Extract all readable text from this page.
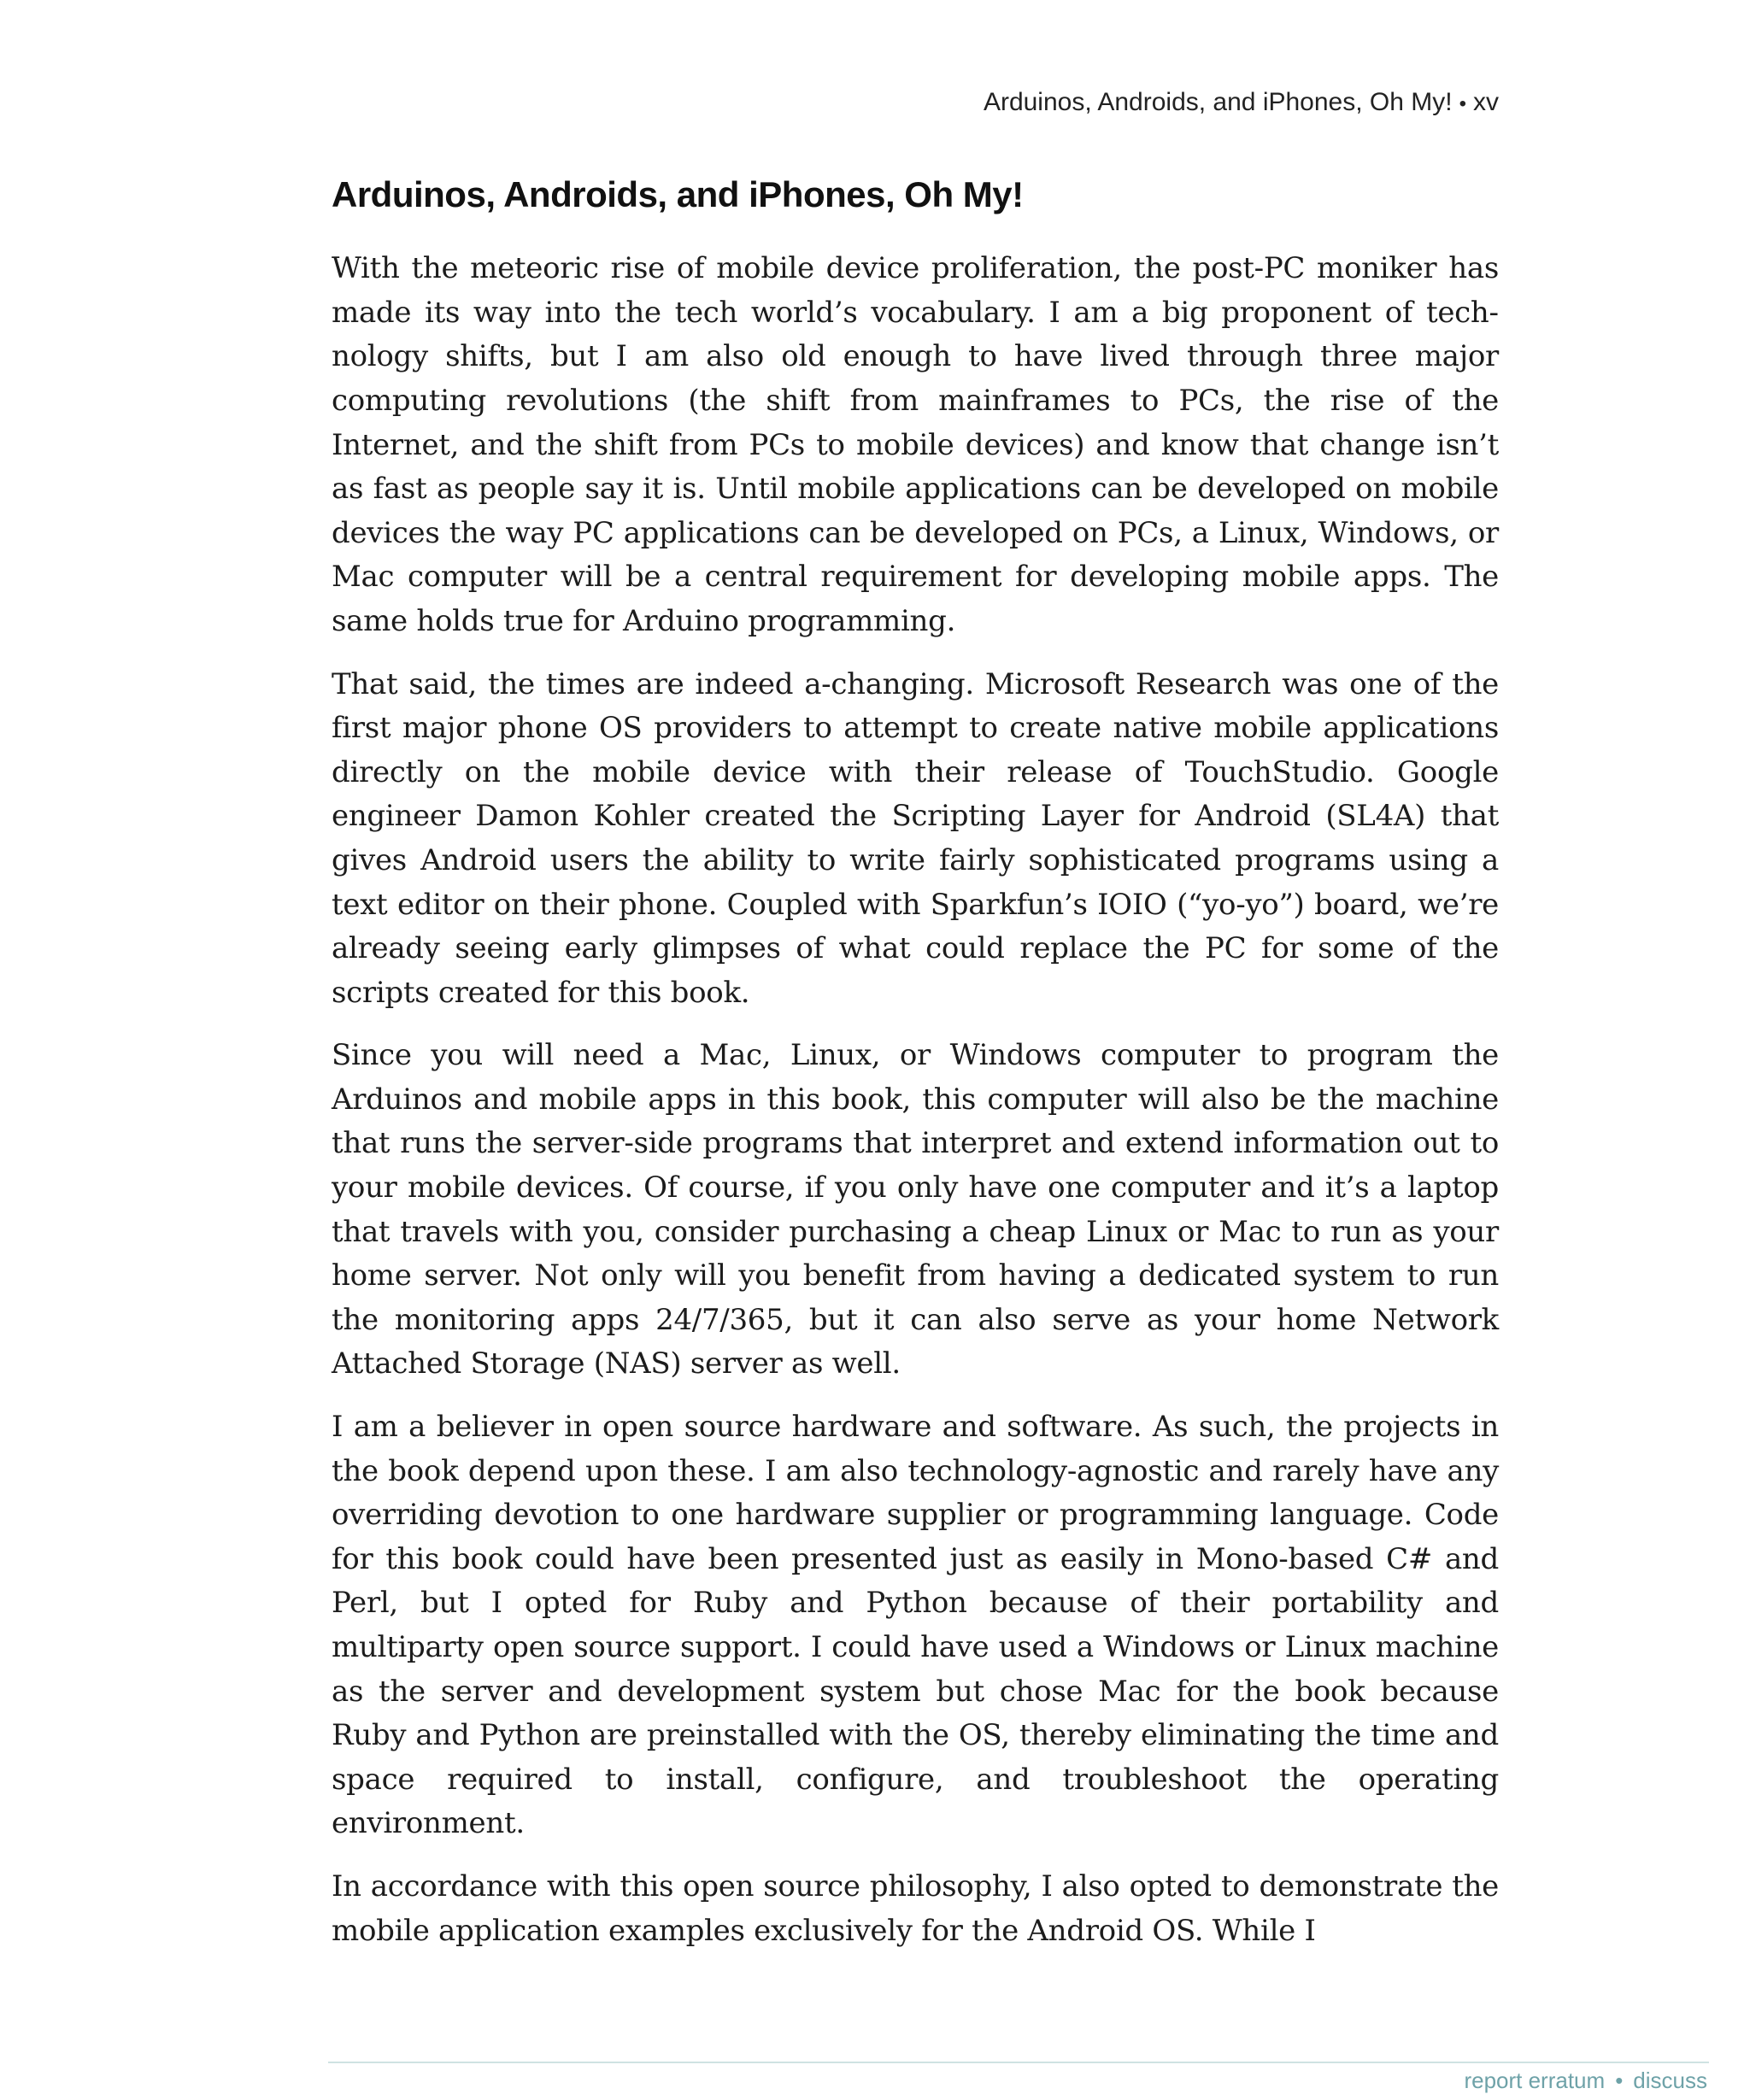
Arduinos, Androids, and iPhones, Oh My! • xv
Arduinos, Androids, and iPhones, Oh My!

With the meteoric rise of mobile device proliferation, the post-PC moniker has made its way into the tech world’s vocabulary. I am a big proponent of technology shifts, but I am also old enough to have lived through three major computing revolutions (the shift from mainframes to PCs, the rise of the Internet, and the shift from PCs to mobile devices) and know that change isn’t as fast as people say it is. Until mobile applications can be developed on mobile devices the way PC applications can be developed on PCs, a Linux, Windows, or Mac computer will be a central requirement for developing mobile apps. The same holds true for Arduino programming.

That said, the times are indeed a-changing. Microsoft Research was one of the first major phone OS providers to attempt to create native mobile applications directly on the mobile device with their release of TouchStudio. Google engineer Damon Kohler created the Scripting Layer for Android (SL4A) that gives Android users the ability to write fairly sophisticated programs using a text editor on their phone. Coupled with Sparkfun’s IOIO (“yo-yo”) board, we’re already seeing early glimpses of what could replace the PC for some of the scripts created for this book.

Since you will need a Mac, Linux, or Windows computer to program the Arduinos and mobile apps in this book, this computer will also be the machine that runs the server-side programs that interpret and extend information out to your mobile devices. Of course, if you only have one computer and it’s a laptop that travels with you, consider purchasing a cheap Linux or Mac to run as your home server. Not only will you benefit from having a dedicated system to run the monitoring apps 24/7/365, but it can also serve as your home Network Attached Storage (NAS) server as well.

I am a believer in open source hardware and software. As such, the projects in the book depend upon these. I am also technology-agnostic and rarely have any overriding devotion to one hardware supplier or programming language. Code for this book could have been presented just as easily in Mono-based C# and Perl, but I opted for Ruby and Python because of their portability and multiparty open source support. I could have used a Windows or Linux machine as the server and development system but chose Mac for the book because Ruby and Python are preinstalled with the OS, thereby eliminating the time and space required to install, configure, and troubleshoot the operating environment.

In accordance with this open source philosophy, I also opted to demonstrate the mobile application examples exclusively for the Android OS. While I

report erratum • discuss
